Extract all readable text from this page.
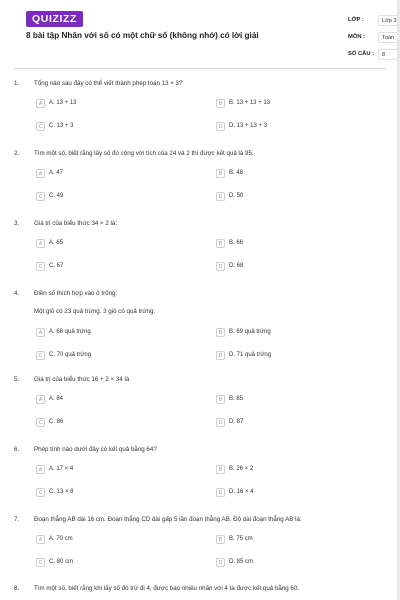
QUIZIZZ
8 bài tập Nhân với số có một chữ số (không nhớ) có lời giải
LỚP :	Lớp 3
MÔN :	Toán
SỐ CÂU :	8
1. Tổng nào sau đây có thể viết thành phép toán 13 × 3?
A	A. 13 + 13	B	B. 13 + 13 + 13
C	C. 13 + 3	D	D. 13 + 13 + 3
2. Tìm một số, biết rằng lấy số đó cộng với tích của 24 và 2 thì được kết quả là 95.
A	A. 47	B	B. 48
C	C. 49	D	D. 50
3. Giá trị của biểu thức 34 × 2 là:
A	A. 65	B	B. 66
C	C. 67	D	D. 68
4. Điền số thích hợp vào ô trống:
Một giỏ có 23 quả trứng. 3 giỏ có quả trứng.
A	A. 68 quả trứng	B	B. 69 quả trứng
C	C. 70 quả trứng	D	D. 71 quả trứng
5. Giá trị của biểu thức 16 + 2 × 34 là
A	A. 84	B	B. 85
C	C. 86	D	D. 87
6. Phép tính nào dưới đây có kết quả bằng 64?
A	A. 17 × 4	B	B. 26 × 2
C	C. 13 × 8	D	D. 16 × 4
7. Đoạn thẳng AB dài 16 cm. Đoạn thẳng CD dài gấp 5 lần đoạn thẳng AB. Độ dài đoạn thẳng AB là:
A	A. 70 cm	B	B. 75 cm
C	C. 80 cm	D	D. 85 cm
8. Tìm một số, biết rằng khi lấy số đó trừ đi 4, được bao nhiêu nhân với 4 ta được kết quả bằng 60.
